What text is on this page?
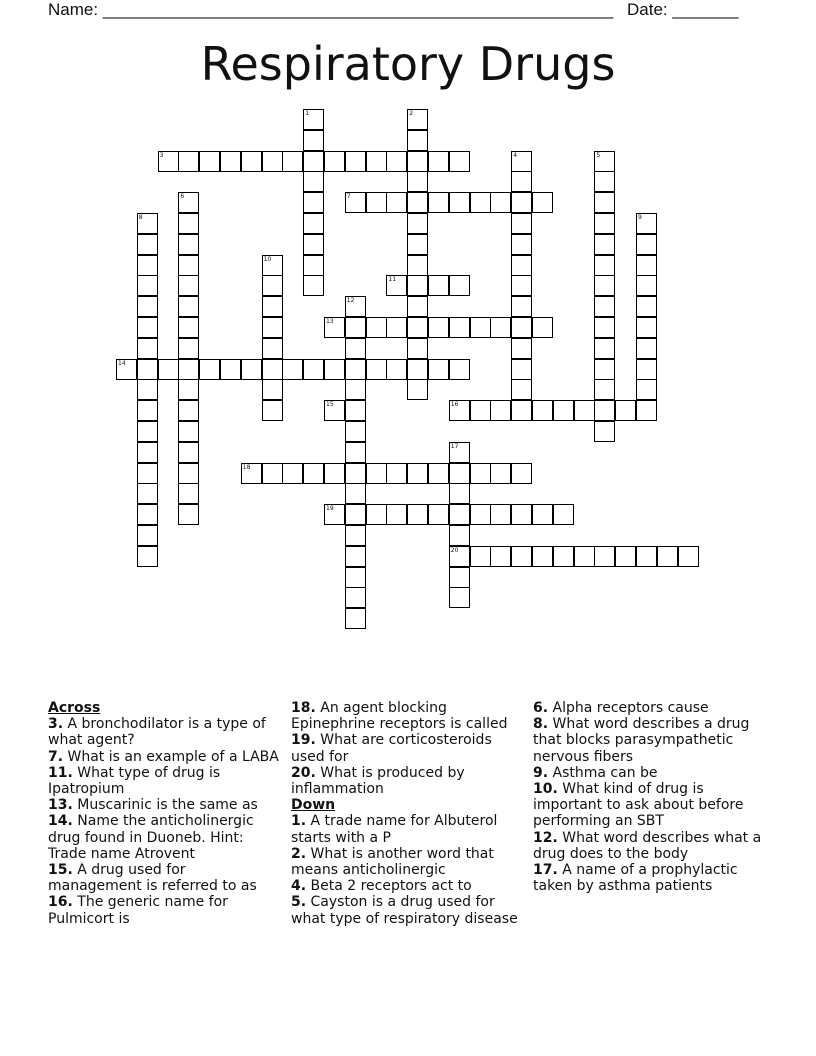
Name: ______________________________________________________ Date: _______
Respiratory Drugs
1	2
3	4	5
6	7
8	9
10
11
12
13
14
15	16
17
20
18
19
Across
3. A bronchodilator is a type of what agent?
7. What is an example of a LABA
11. What type of drug is Ipatropium
13. Muscarinic is the same as
14. Name the anticholinergic drug found in Duoneb. Hint: Trade name Atrovent
15. A drug used for management is referred to as
16. The generic name for Pulmicort is
18. An agent blocking Epinephrine receptors is called
19. What are corticosteroids used for
20. What is produced by inflammation
Down
1. A trade name for Albuterol starts with a P
2. What is another word that means anticholinergic
4. Beta 2 receptors act to
5. Cayston is a drug used for what type of respiratory disease
6. Alpha receptors cause
8. What word describes a drug that blocks parasympathetic nervous fibers
9. Asthma can be
10. What kind of drug is important to ask about before performing an SBT
12. What word describes what a drug does to the body
17. A name of a prophylactic taken by asthma patients
